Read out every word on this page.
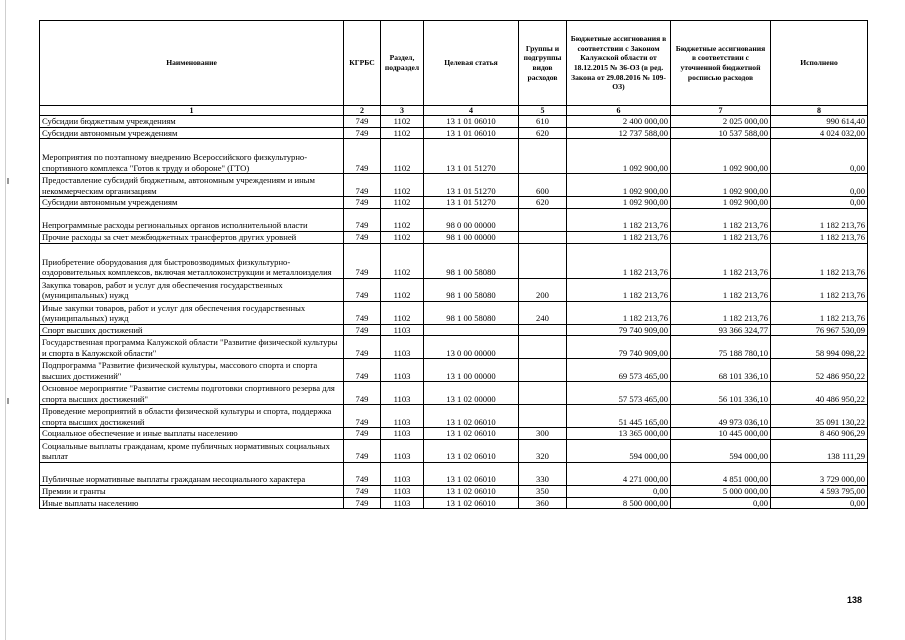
Наименование	КГРБС	Раздел, подраздел	Целевая статья	Группы и подгруппы видов расходов	Бюджетные ассигнования в соответствии с Законом Калужской области от 18.12.2015 № 36-ОЗ (в ред. Закона от 29.08.2016 № 109-ОЗ)	Бюджетные ассигнования в соответствии с уточненной бюджетной росписью расходов	Исполнено
1	2	3	4	5	6	7	8
Субсидии бюджетным учреждениям	749	1102	13 1 01 06010	610	2 400 000,00	2 025 000,00	990 614,40
Субсидии автономным учреждениям	749	1102	13 1 01 06010	620	12 737 588,00	10 537 588,00	4 024 032,00
Мероприятия по поэтапному внедрению Всероссийского физкультурно-спортивного комплекса "Готов к труду и обороне" (ГТО)	749	1102	13 1 01 51270		1 092 900,00	1 092 900,00	0,00
Предоставление субсидий бюджетным, автономным учреждениям и иным некоммерческим организациям	749	1102	13 1 01 51270	600	1 092 900,00	1 092 900,00	0,00
Субсидии автономным учреждениям	749	1102	13 1 01 51270	620	1 092 900,00	1 092 900,00	0,00
Непрограммные расходы региональных органов исполнительной власти	749	1102	98 0 00 00000		1 182 213,76	1 182 213,76	1 182 213,76
Прочие расходы за счет межбюджетных трансфертов других уровней	749	1102	98 1 00 00000		1 182 213,76	1 182 213,76	1 182 213,76
Приобретение оборудования для быстровозводимых физкультурно-оздоровительных комплексов, включая металлоконструкции и металлоизделия	749	1102	98 1 00 58080		1 182 213,76	1 182 213,76	1 182 213,76
Закупка товаров, работ и услуг для обеспечения государственных (муниципальных) нужд	749	1102	98 1 00 58080	200	1 182 213,76	1 182 213,76	1 182 213,76
Иные закупки товаров, работ и услуг для обеспечения государственных (муниципальных) нужд	749	1102	98 1 00 58080	240	1 182 213,76	1 182 213,76	1 182 213,76
Спорт высших достижений	749	1103			79 740 909,00	93 366 324,77	76 967 530,09
Государственная программа Калужской области "Развитие физической культуры и спорта в Калужской области"	749	1103	13 0 00 00000		79 740 909,00	75 188 780,10	58 994 098,22
Подпрограмма "Развитие физической культуры, массового спорта и спорта высших достижений"	749	1103	13 1 00 00000		69 573 465,00	68 101 336,10	52 486 950,22
Основное мероприятие "Развитие системы подготовки спортивного резерва для спорта высших достижений"	749	1103	13 1 02 00000		57 573 465,00	56 101 336,10	40 486 950,22
Проведение мероприятий в области физической культуры и спорта, поддержка спорта высших достижений	749	1103	13 1 02 06010		51 445 165,00	49 973 036,10	35 091 130,22
Социальное обеспечение и иные выплаты населению	749	1103	13 1 02 06010	300	13 365 000,00	10 445 000,00	8 460 906,29
Социальные выплаты гражданам, кроме публичных нормативных социальных выплат	749	1103	13 1 02 06010	320	594 000,00	594 000,00	138 111,29
Публичные нормативные выплаты гражданам несоциального характера	749	1103	13 1 02 06010	330	4 271 000,00	4 851 000,00	3 729 000,00
Премии и гранты	749	1103	13 1 02 06010	350	0,00	5 000 000,00	4 593 795,00
Иные выплаты населению	749	1103	13 1 02 06010	360	8 500 000,00	0,00	0,00
138
